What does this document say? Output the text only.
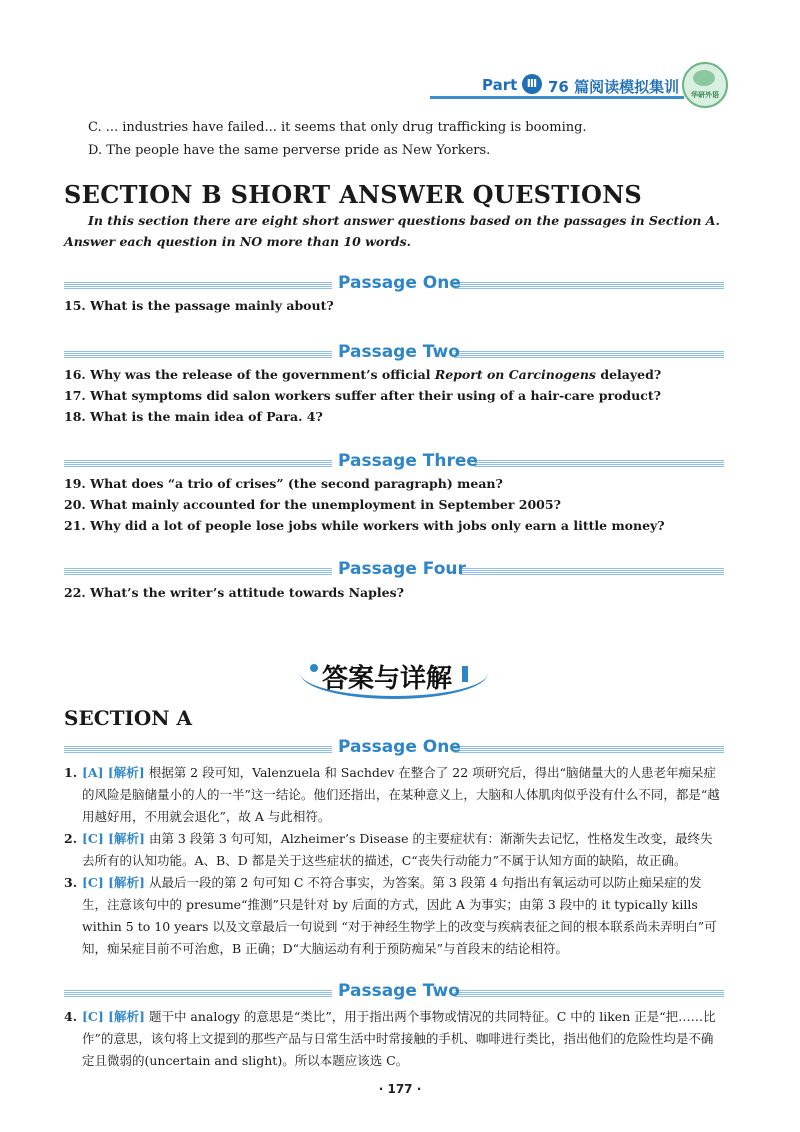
Part Ⅲ 76 篇阅读模拟集训	华研外语
C. ... industries have failed... it seems that only drug trafficking is booming.
D. The people have the same perverse pride as New Yorkers.
SECTION B SHORT ANSWER QUESTIONS
In this section there are eight short answer questions based on the passages in Section A. Answer each question in NO more than 10 words.
Passage One
15. What is the passage mainly about?
Passage Two
16. Why was the release of the government’s official Report on Carcinogens delayed?
17. What symptoms did salon workers suffer after their using of a hair-care product?
18. What is the main idea of Para. 4?
Passage Three
19. What does “a trio of crises” (the second paragraph) mean?
20. What mainly accounted for the unemployment in September 2005?
21. Why did a lot of people lose jobs while workers with jobs only earn a little money?
Passage Four
22. What’s the writer’s attitude towards Naples?
答案与详解
SECTION A
Passage One
1. [A] [解析] 根据第 2 段可知，Valenzuela 和 Sachdev 在整合了 22 项研究后，得出“脑储量大的人患老年痴呆症的风险是脑储量小的人的一半”这一结论。他们还指出，在某种意义上，大脑和人体肌肉似乎没有什么不同，都是“越用越好用，不用就会退化”，故 A 与此相符。
2. [C] [解析] 由第 3 段第 3 句可知，Alzheimer’s Disease 的主要症状有：渐渐失去记忆，性格发生改变，最终失去所有的认知功能。A、B、D 都是关于这些症状的描述，C“丧失行动能力”不属于认知方面的缺陷，故正确。
3. [C] [解析] 从最后一段的第 2 句可知 C 不符合事实，为答案。第 3 段第 4 句指出有氧运动可以防止痴呆症的发生，注意该句中的 presume“推测”只是针对 by 后面的方式，因此 A 为事实；由第 3 段中的 it typically kills within 5 to 10 years 以及文章最后一句说到 “对于神经生物学上的改变与疾病表征之间的根本联系尚未弄明白”可知，痴呆症目前不可治愈，B 正确；D“大脑运动有利于预防痴呆”与首段末的结论相符。
Passage Two
4. [C] [解析] 题干中 analogy 的意思是“类比”，用于指出两个事物或情况的共同特征。C 中的 liken 正是“把……比作”的意思，该句将上文提到的那些产品与日常生活中时常接触的手机、咖啡进行类比，指出他们的危险性均是不确定且微弱的(uncertain and slight)。所以本题应该选 C。
· 177 ·
